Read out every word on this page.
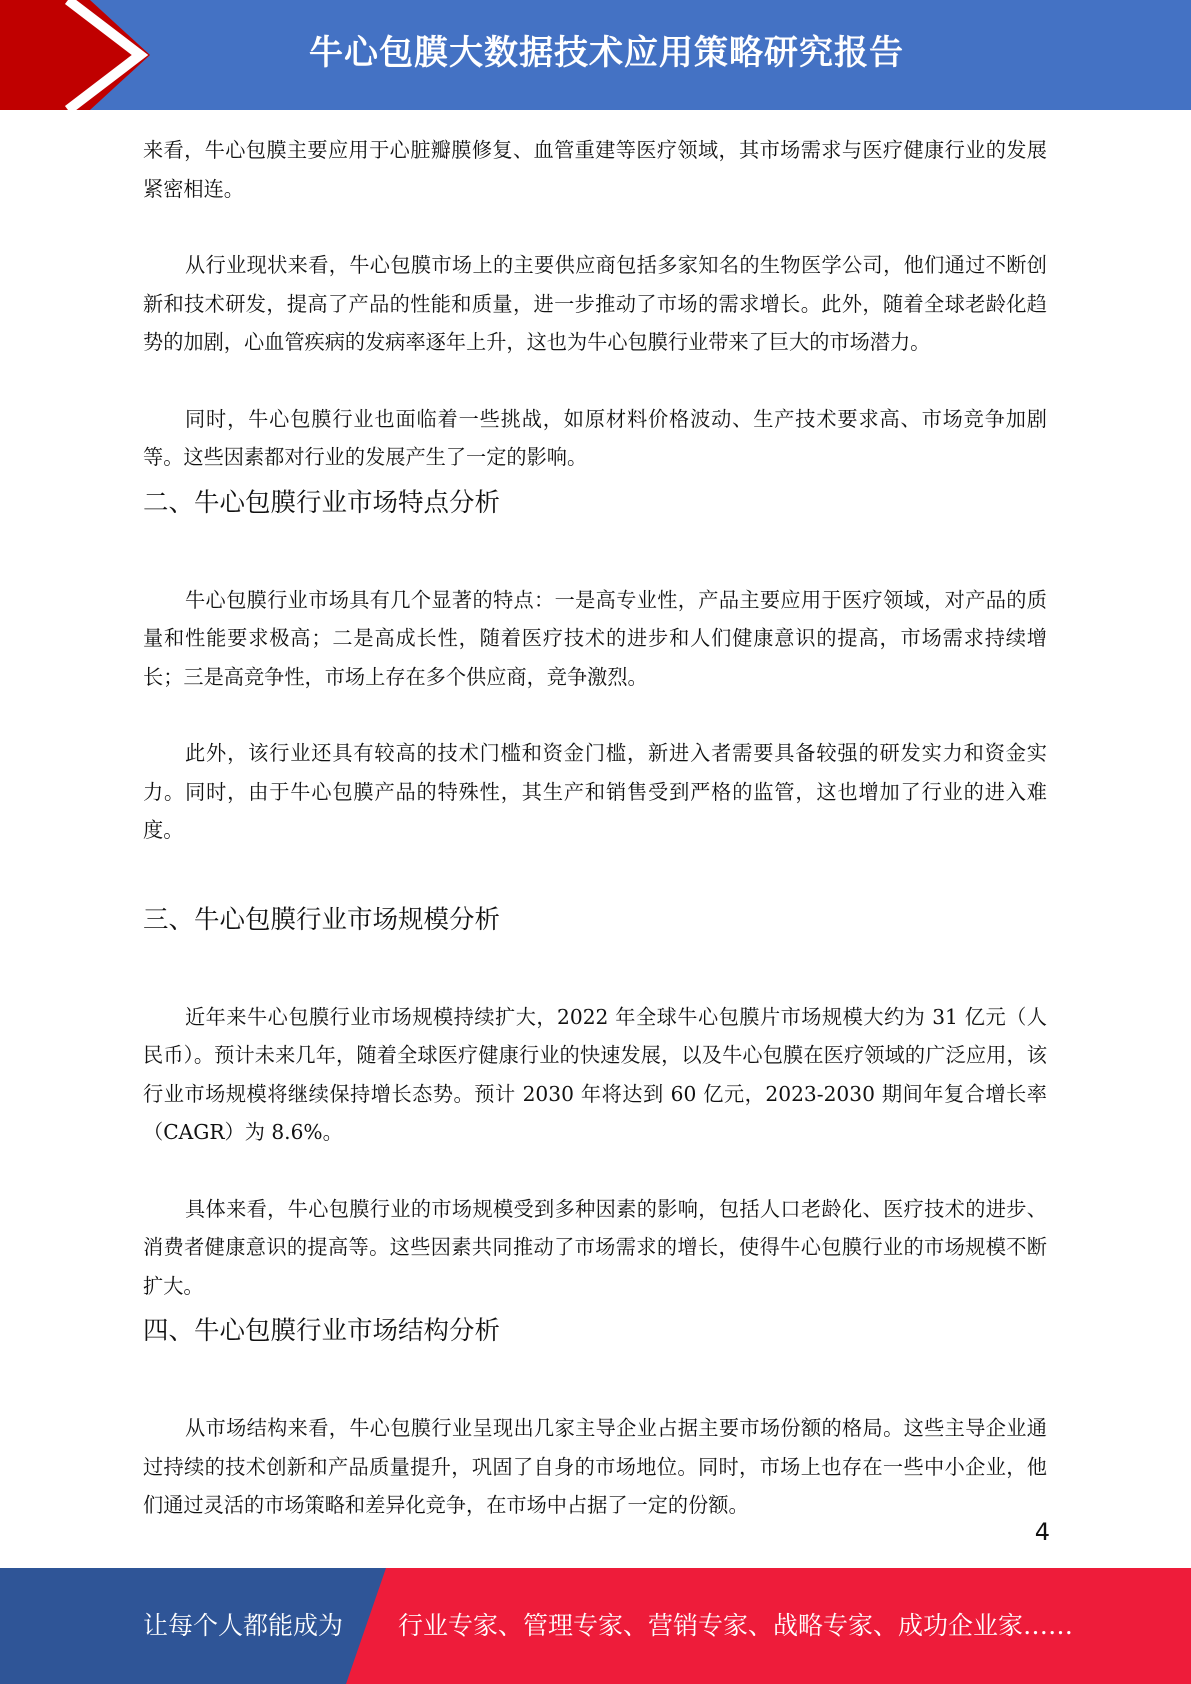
牛心包膜大数据技术应用策略研究报告

来看，牛心包膜主要应用于心脏瓣膜修复、血管重建等医疗领域，其市场需求与医疗健康行业的发展紧密相连。

从行业现状来看，牛心包膜市场上的主要供应商包括多家知名的生物医学公司，他们通过不断创新和技术研发，提高了产品的性能和质量，进一步推动了市场的需求增长。此外，随着全球老龄化趋势的加剧，心血管疾病的发病率逐年上升，这也为牛心包膜行业带来了巨大的市场潜力。

同时，牛心包膜行业也面临着一些挑战，如原材料价格波动、生产技术要求高、市场竞争加剧等。这些因素都对行业的发展产生了一定的影响。

二、牛心包膜行业市场特点分析

牛心包膜行业市场具有几个显著的特点：一是高专业性，产品主要应用于医疗领域，对产品的质量和性能要求极高；二是高成长性，随着医疗技术的进步和人们健康意识的提高，市场需求持续增长；三是高竞争性，市场上存在多个供应商，竞争激烈。

此外，该行业还具有较高的技术门槛和资金门槛，新进入者需要具备较强的研发实力和资金实力。同时，由于牛心包膜产品的特殊性，其生产和销售受到严格的监管，这也增加了行业的进入难度。

三、牛心包膜行业市场规模分析

近年来牛心包膜行业市场规模持续扩大，2022 年全球牛心包膜片市场规模大约为 31 亿元（人民币）。预计未来几年，随着全球医疗健康行业的快速发展，以及牛心包膜在医疗领域的广泛应用，该行业市场规模将继续保持增长态势。预计 2030 年将达到 60 亿元，2023-2030 期间年复合增长率（CAGR）为 8.6%。

具体来看，牛心包膜行业的市场规模受到多种因素的影响，包括人口老龄化、医疗技术的进步、消费者健康意识的提高等。这些因素共同推动了市场需求的增长，使得牛心包膜行业的市场规模不断扩大。

四、牛心包膜行业市场结构分析

从市场结构来看，牛心包膜行业呈现出几家主导企业占据主要市场份额的格局。这些主导企业通过持续的技术创新和产品质量提升，巩固了自身的市场地位。同时，市场上也存在一些中小企业，他们通过灵活的市场策略和差异化竞争，在市场中占据了一定的份额。

4
让每个人都能成为 行业专家、管理专家、营销专家、战略专家、成功企业家……
